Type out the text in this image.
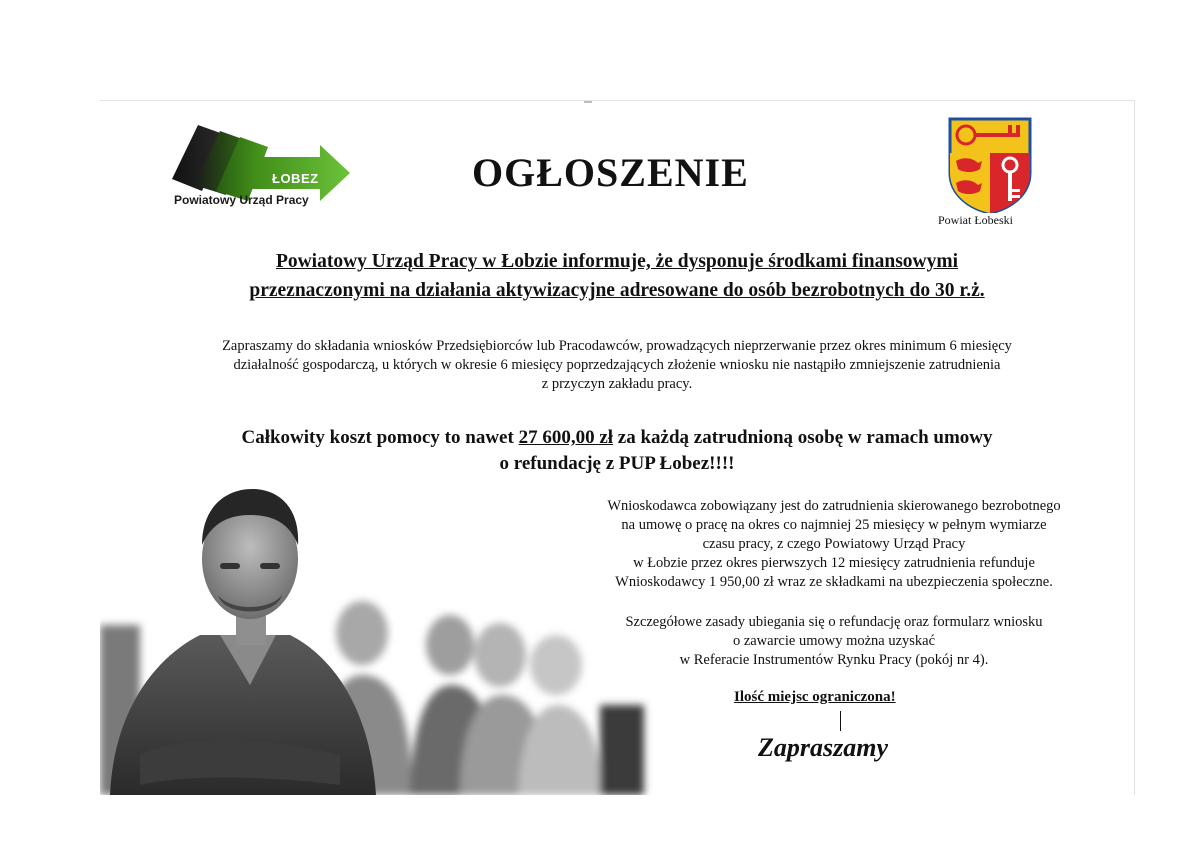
ŁOBEZ
Powiatowy Urząd Pracy
OGŁOSZENIE
Powiat Łobeski
Powiatowy Urząd Pracy w Łobzie informuje, że dysponuje środkami finansowymi
przeznaczonymi na działania aktywizacyjne adresowane do osób bezrobotnych do 30 r.ż.
Zapraszamy do składania wniosków Przedsiębiorców lub Pracodawców, prowadzących nieprzerwanie przez okres minimum 6 miesięcy
działalność gospodarczą, u których w okresie 6 miesięcy poprzedzających złożenie wniosku nie nastąpiło zmniejszenie zatrudnienia
z przyczyn zakładu pracy.
Całkowity koszt pomocy to nawet 27 600,00 zł za każdą zatrudnioną osobę w ramach umowy
o refundację z PUP Łobez!!!!
Wnioskodawca zobowiązany jest do zatrudnienia skierowanego bezrobotnego
na umowę o pracę na okres co najmniej 25 miesięcy w pełnym wymiarze
czasu pracy, z czego Powiatowy Urząd Pracy
w Łobzie przez okres pierwszych 12 miesięcy zatrudnienia refunduje
Wnioskodawcy 1 950,00 zł wraz ze składkami na ubezpieczenia społeczne.
Szczegółowe zasady ubiegania się o refundację oraz formularz wniosku
o zawarcie umowy można uzyskać
w Referacie Instrumentów Rynku Pracy (pokój nr 4).
Ilość miejsc ograniczona!
Zapraszamy
